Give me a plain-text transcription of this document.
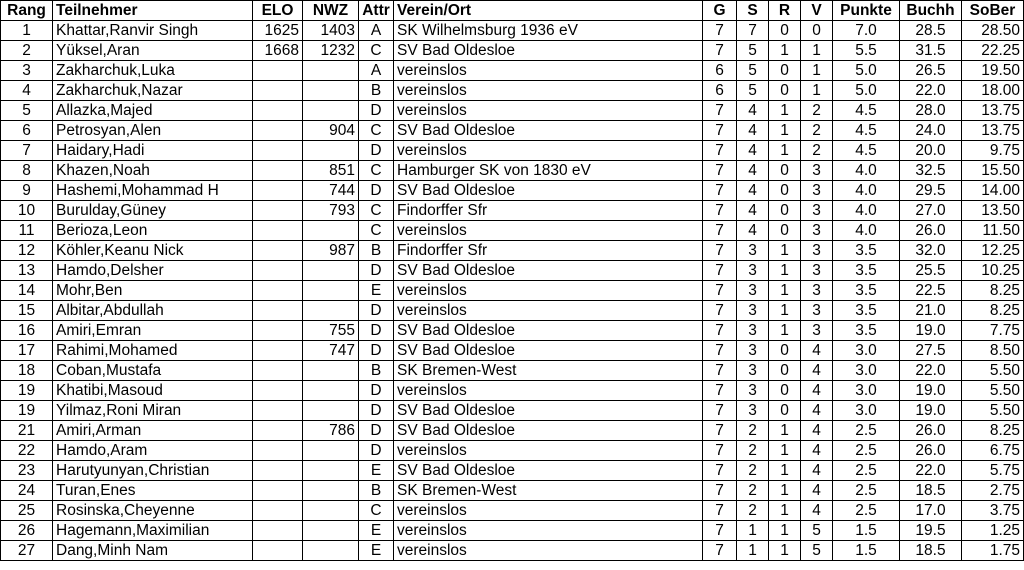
Rang	Teilnehmer	ELO	NWZ	Attr	Verein/Ort	G	S	R	V	Punkte	Buchh	SoBer
1	Khattar,Ranvir Singh	1625	1403	A	SK Wilhelmsburg 1936 eV	7	7	0	0	7.0	28.5	28.50
2	Yüksel,Aran	1668	1232	C	SV Bad Oldesloe	7	5	1	1	5.5	31.5	22.25
3	Zakharchuk,Luka			A	vereinslos	6	5	0	1	5.0	26.5	19.50
4	Zakharchuk,Nazar			B	vereinslos	6	5	0	1	5.0	22.0	18.00
5	Allazka,Majed			D	vereinslos	7	4	1	2	4.5	28.0	13.75
6	Petrosyan,Alen		904	C	SV Bad Oldesloe	7	4	1	2	4.5	24.0	13.75
7	Haidary,Hadi			D	vereinslos	7	4	1	2	4.5	20.0	9.75
8	Khazen,Noah		851	C	Hamburger SK von 1830 eV	7	4	0	3	4.0	32.5	15.50
9	Hashemi,Mohammad H		744	D	SV Bad Oldesloe	7	4	0	3	4.0	29.5	14.00
10	Burulday,Güney		793	C	Findorffer Sfr	7	4	0	3	4.0	27.0	13.50
11	Berioza,Leon			C	vereinslos	7	4	0	3	4.0	26.0	11.50
12	Köhler,Keanu Nick		987	B	Findorffer Sfr	7	3	1	3	3.5	32.0	12.25
13	Hamdo,Delsher			D	SV Bad Oldesloe	7	3	1	3	3.5	25.5	10.25
14	Mohr,Ben			E	vereinslos	7	3	1	3	3.5	22.5	8.25
15	Albitar,Abdullah			D	vereinslos	7	3	1	3	3.5	21.0	8.25
16	Amiri,Emran		755	D	SV Bad Oldesloe	7	3	1	3	3.5	19.0	7.75
17	Rahimi,Mohamed		747	D	SV Bad Oldesloe	7	3	0	4	3.0	27.5	8.50
18	Coban,Mustafa			B	SK Bremen-West	7	3	0	4	3.0	22.0	5.50
19	Khatibi,Masoud			D	vereinslos	7	3	0	4	3.0	19.0	5.50
19	Yilmaz,Roni Miran			D	SV Bad Oldesloe	7	3	0	4	3.0	19.0	5.50
21	Amiri,Arman		786	D	SV Bad Oldesloe	7	2	1	4	2.5	26.0	8.25
22	Hamdo,Aram			D	vereinslos	7	2	1	4	2.5	26.0	6.75
23	Harutyunyan,Christian			E	SV Bad Oldesloe	7	2	1	4	2.5	22.0	5.75
24	Turan,Enes			B	SK Bremen-West	7	2	1	4	2.5	18.5	2.75
25	Rosinska,Cheyenne			C	vereinslos	7	2	1	4	2.5	17.0	3.75
26	Hagemann,Maximilian			E	vereinslos	7	1	1	5	1.5	19.5	1.25
27	Dang,Minh Nam			E	vereinslos	7	1	1	5	1.5	18.5	1.75
